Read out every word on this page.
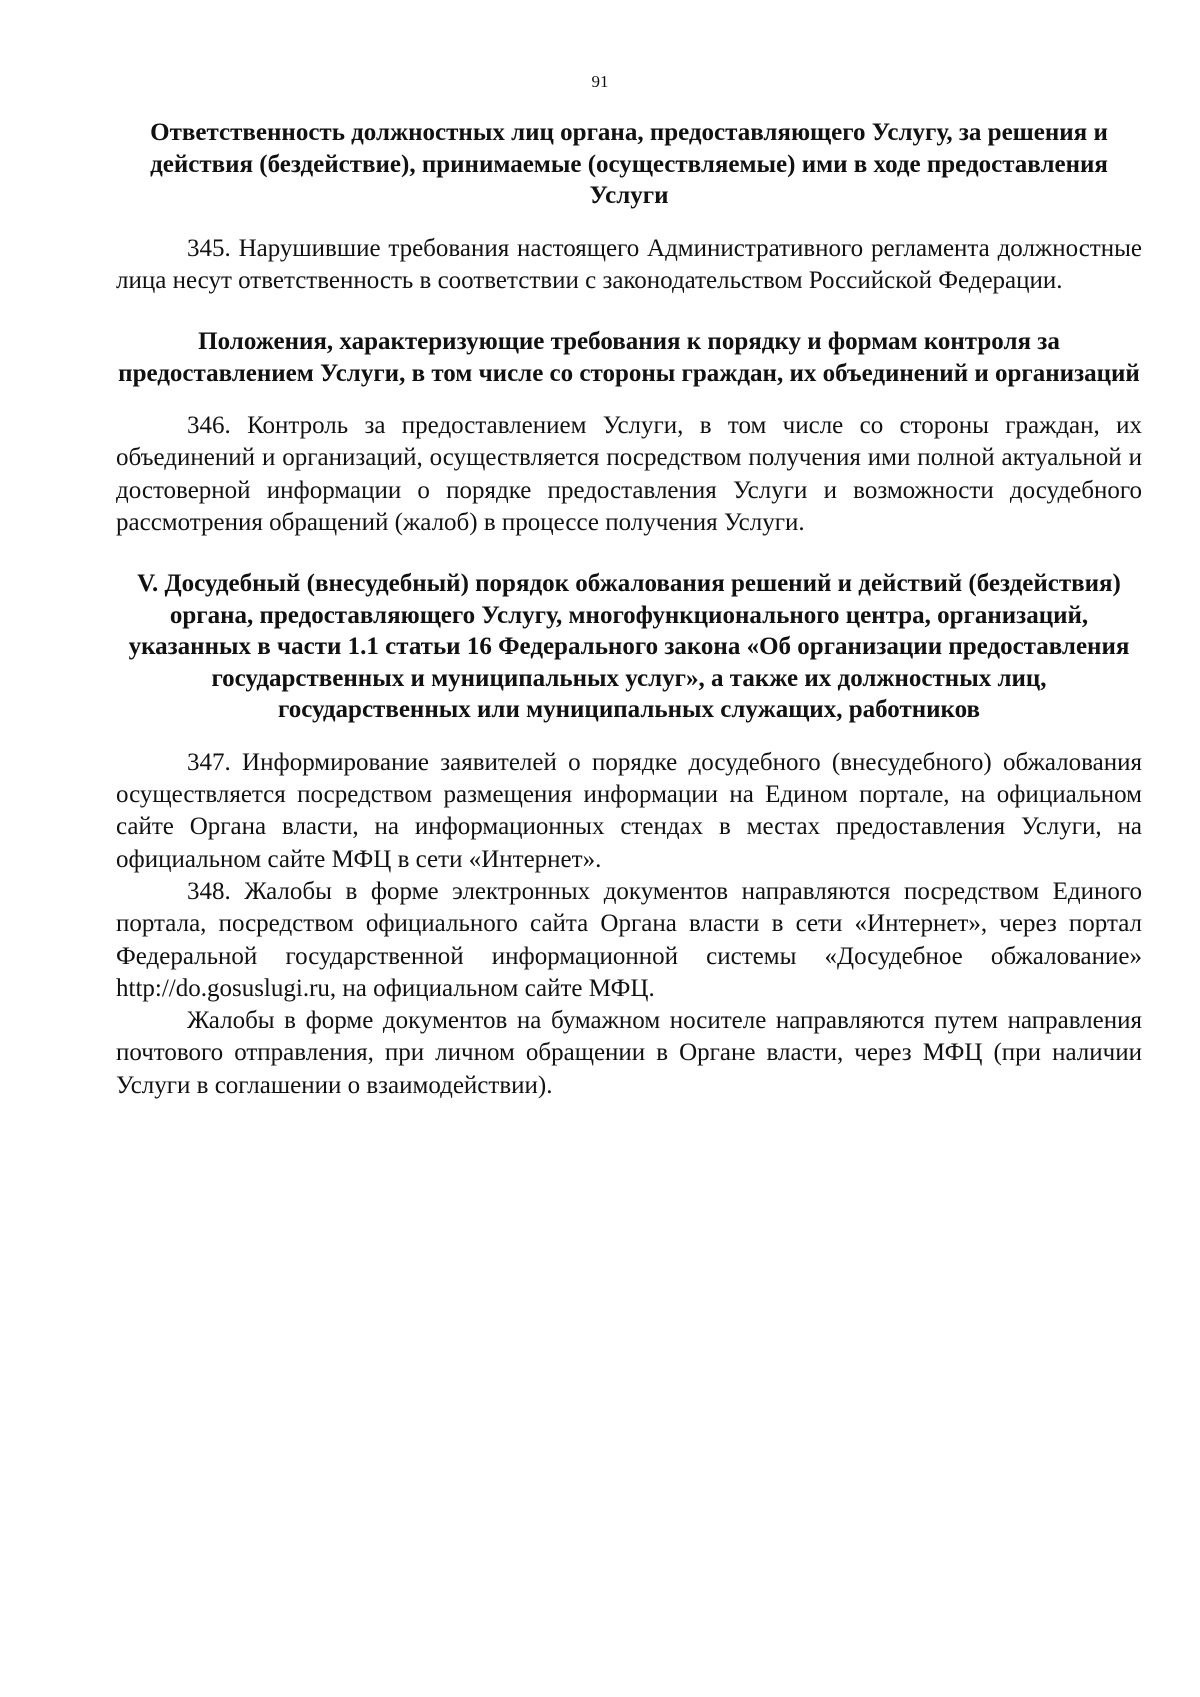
91
Ответственность должностных лиц органа, предоставляющего Услугу, за решения и действия (бездействие), принимаемые (осуществляемые) ими в ходе предоставления Услуги

345. Нарушившие требования настоящего Административного регламента должностные лица несут ответственность в соответствии с законодательством Российской Федерации.

Положения, характеризующие требования к порядку и формам контроля за предоставлением Услуги, в том числе со стороны граждан, их объединений и организаций

346. Контроль за предоставлением Услуги, в том числе со стороны граждан, их объединений и организаций, осуществляется посредством получения ими полной актуальной и достоверной информации о порядке предоставления Услуги и возможности досудебного рассмотрения обращений (жалоб) в процессе получения Услуги.

V. Досудебный (внесудебный) порядок обжалования решений и действий (бездействия) органа, предоставляющего Услугу, многофункционального центра, организаций, указанных в части 1.1 статьи 16 Федерального закона «Об организации предоставления государственных и муниципальных услуг», а также их должностных лиц, государственных или муниципальных служащих, работников

347. Информирование заявителей о порядке досудебного (внесудебного) обжалования осуществляется посредством размещения информации на Едином портале, на официальном сайте Органа власти, на информационных стендах в местах предоставления Услуги, на официальном сайте МФЦ в сети «Интернет».

348. Жалобы в форме электронных документов направляются посредством Единого портала, посредством официального сайта Органа власти в сети «Интернет», через портал Федеральной государственной информационной системы «Досудебное обжалование» http://do.gosuslugi.ru, на официальном сайте МФЦ.

Жалобы в форме документов на бумажном носителе направляются путем направления почтового отправления, при личном обращении в Органе власти, через МФЦ (при наличии Услуги в соглашении о взаимодействии).
